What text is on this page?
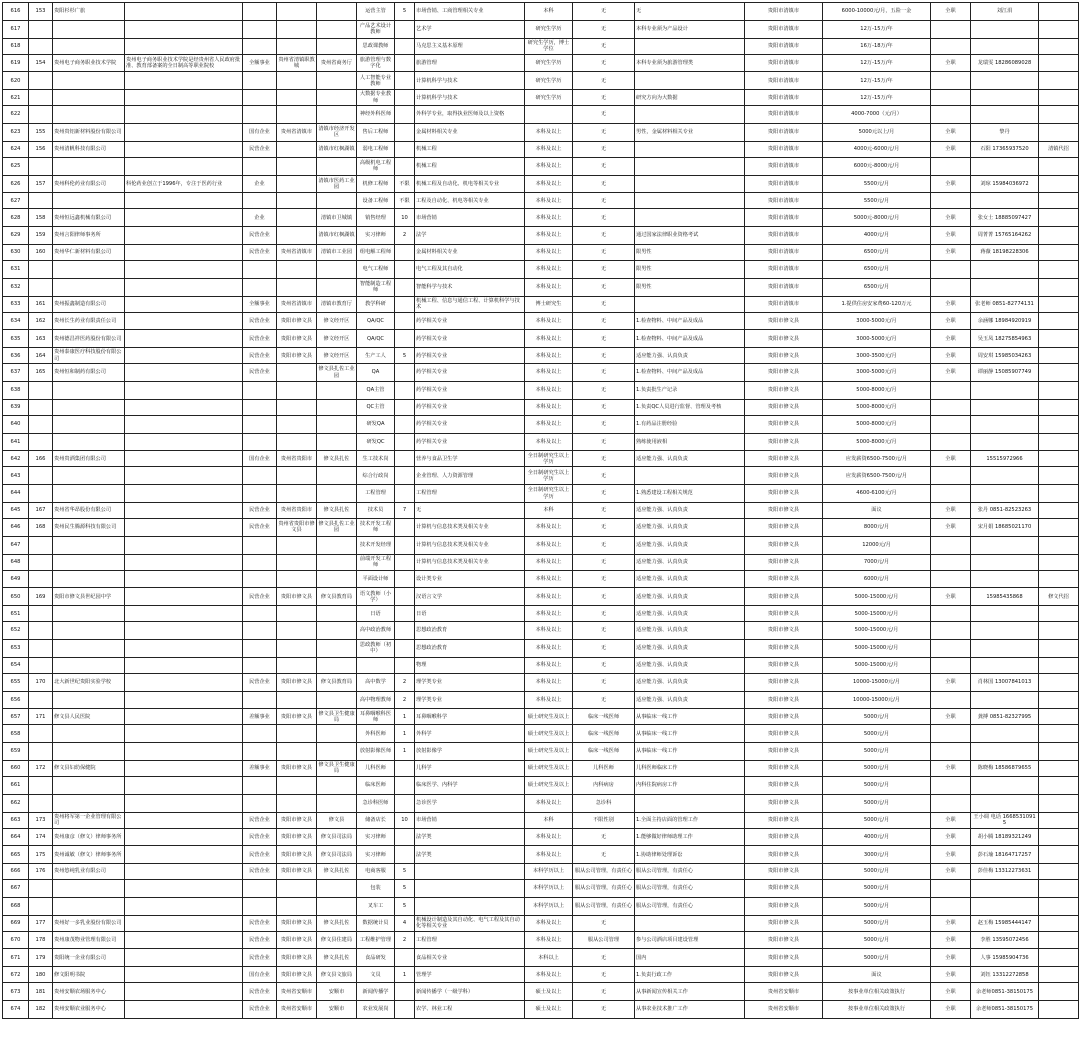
616	153	贵阳杉杉广旅					运营主管	5	市场营销、工商管理相关专业	本科	无	无	贵阳市清镇市	6000-10000元/月，五险一金	全职	刘江涓	
617							产品艺术设计教师		艺术学	研究生学历	无	本科专业须为产品设计	贵阳市清镇市	12万-15万/年			
618							思政课教师		马克思主义基本原理	研究生学历，博士学位	无		贵阳市清镇市	16万-18万/年			
619	154	贵州电子商务职业技术学院	贵州电子商务职业技术学院是经贵州省人民政府批准、教育部备案的全日制高等职业院校	全额事业	贵州省清镇职教城	贵州省商务厅	旅游管理与数字化		旅游管理	研究生学历	无	本科专业须为旅游管理类	贵阳市清镇市	12万-15万/年	全职	龙瑞雯 18286089028	
620							人工智能专业教师		计算机科学与技术	研究生学历	无		贵阳市清镇市	12万-15万/年			
621							大数据专业教师		计算机科学与技术	研究生学历	无	研究方向为大数据	贵阳市清镇市	12万-15万/年			
622							神经外科医师		外科学专业，取得执业医师及以上资格		无		贵阳市清镇市	4000-7000（元/月）			
623	155	贵州贵铝新材料股份有限公司		国有企业	贵州省清镇市	清镇市经济开发区	售后工程师		金属材料相关专业	本科及以上	无	男性，金属材料相关专业	贵阳市清镇市	5000元以上/月	全职	黎丹	
624	156	贵州清帆科技有限公司		民营企业		清镇市红枫湖镇	弱电工程师		机械工程	本科及以上	无		贵阳市清镇市	4000元-6000元/月	全职	石阳 17365937520	清镇代招
625							高级机电工程师		机械工程	本科及以上	无		贵阳市清镇市	6000元-8000元/月			
626	157	贵州科伦药业有限公司	科伦药业创立于1996年，专注于医药行业	企业		清镇市医药工业园	机修工程师	不限	机械工程及自动化、机电等相关专业	本科及以上	无		贵阳市清镇市	5500元/月	全职	刘琼 15984036972	
627							设备工程师	不限	工程及自动化、机电等相关专业	本科及以上	无		贵阳市清镇市	5500元/月			
628	158	贵州恒远鑫机械有限公司		企业		清镇市卫城镇	销售经理	10	市场营销	本科及以上	无		贵阳市清镇市	5000元-8000元/月	全职	张女士 18885097427	
629	159	贵州言阳律师事务所		民营企业		清镇市红枫湖镇	实习律师	2	法学	本科及以上	无	通过国家法律职业资格考试	贵阳市清镇市	4000元/月	全职	周菁菁 15765164262	
630	160	贵州华仁新材料有限公司		民营企业	贵州省清镇市	清镇市工业园	组电解工程师		金属材料相关专业	本科及以上	无	限男性	贵阳市清镇市	6500元/月	全职	蒋薇 18198228306	
631							电气工程师		电气工程及其自动化	本科及以上	无	限男性	贵阳市清镇市	6500元/月			
632							智能制造工程师		智能科学与技术	本科及以上	无	限男性	贵阳市清镇市	6500元/月			
633	161	贵州振鑫制造有限公司		全额事业	贵州省清镇市	清镇市教育厅	教学科研		机械工程、信息与通信工程、计算机科学与技术	博士研究生	无		贵阳市清镇市	1.提供住房安家费60-120万元	全职	张老师 0851-82774131	
634	162	贵州长生药业有限责任公司		民营企业	贵阳市修文县	修文经开区	QA/QC		药学相关专业	本科及以上	无	1.检查物料、中间产品及成品	贵阳市修文县	3000-5000元/月	全职	余涵娜 18984920919	
635	163	贵州德昌祥医药股份有限公司		民营企业	贵阳市修文县	修文经开区	QA/QC		药学相关专业	本科及以上	无	1.检查物料、中间产品及成品	贵阳市修文县	3000-5000元/月	全职	吴玉凤 18275854963	
636	164	贵州泰康医疗科技股份有限公司		民营企业	贵阳市修文县	修文经开区	生产工人	5	药学相关专业	本科及以上	无	适应能力强、认真负责	贵阳市修文县	3000-3500元/月	全职	周安琪 15985034263	
637	165	贵州恒和制药有限公司		民营企业		修文县扎佐工业园	QA		药学相关专业	本科及以上	无	1.检查物料、中间产品及成品	贵阳市修文县	3000-5000元/月	全职	谭丽静 15085907749	
638							QA主管		药学相关专业	本科及以上	无	1.负责批生产记录	贵阳市修文县	5000-8000元/月			
639							QC主管		药学相关专业	本科及以上	无	1.负责QC人员进行监督、管理及考核	贵阳市修文县	5000-8000元/月			
640							研发QA		药学相关专业	本科及以上	无	1.有药品注册经验	贵阳市修文县	5000-8000元/月			
641							研发QC		药学相关专业	本科及以上	无	熟练使用液相	贵阳市修文县	5000-8000元/月			
642	166	贵州贵酒集团有限公司		国有企业	贵州省贵阳市	修文县扎佐	生工技术岗		营养与食品卫生学	全日制研究生以上学历	无	适应能力强、认真负责	贵阳市修文县	应发薪资6500-7500元/月	全职	15515972966	
643							综合行政岗		企业管理、人力资源管理	全日制研究生以上学历	无		贵阳市修文县	应发薪资6500-7500元/月			
644							工程管理		工程管理	全日制研究生以上学历	无	1.熟悉建设工程相关规范	贵阳市修文县	4600-6100元/月			
645	167	贵州省华昂股份有限公司		民营企业	贵州省贵阳市	修文县扎佐	技术员	7	无	本科	无	适应能力强、认真负责	贵阳市修文县	面议	全职	张丹 0851-82523263	
646	168	贵州民生腾源科技有限公司		民营企业	贵州省贵阳市修文县	修文县扎佐工业园	技术开发工程师		计算机与信息技术类及相关专业	本科及以上	无	适应能力强、认真负责	贵阳市修文县	8000元/月	全职	宋月娟 18685021170	
647							技术开发经理		计算机与信息技术类及相关专业	本科及以上	无	适应能力强、认真负责	贵阳市修文县	12000元/月			
648							前端开发工程师		计算机与信息技术类及相关专业	本科及以上	无	适应能力强、认真负责	贵阳市修文县	7000元/月			
649							平面设计师		设计类专业	本科及以上	无	适应能力强、认真负责	贵阳市修文县	6000元/月			
650	169	贵阳市修文县世纪园中学		民营企业	贵阳市修文县	修文县教育局	语文教师（小学）		汉语言文学	本科及以上	无	适应能力强、认真负责	贵阳市修文县	5000-15000元/月	全职	15985435868	修文代招
651							日语		日语	本科及以上	无	适应能力强、认真负责	贵阳市修文县	5000-15000元/月			
652							高中政治教师		思想政治教育	本科及以上	无	适应能力强、认真负责	贵阳市修文县	5000-15000元/月			
653							思政教师（初中）		思想政治教育	本科及以上	无	适应能力强、认真负责	贵阳市修文县	5000-15000元/月			
654									物理	本科及以上	无	适应能力强、认真负责	贵阳市修文县	5000-15000元/月			
655	170	北大新世纪贵阳实验学校		民营企业	贵阳市修文县	修文县教育局	高中数学	2	理学类专业	本科及以上	无	适应能力强、认真负责	贵阳市修文县	10000-15000元/月	全职	肖林国 13007841013	
656							高中物理教师	2	理学类专业	本科及以上	无	适应能力强、认真负责	贵阳市修文县	10000-15000元/月			
657	171	修文县人民医院		差额事业	贵阳市修文县	修文县卫生健康局	耳鼻咽喉科医师	1	耳鼻咽喉科学	硕士研究生及以上	临床一线医师	从事临床一线工作	贵阳市修文县	5000元/月	全职	龚搏 0851-82327995	
658							外科医师	1	外科学	硕士研究生及以上	临床一线医师	从事临床一线工作	贵阳市修文县	5000元/月			
659							放射影像医师	1	放射影像学	硕士研究生及以上	临床一线医师	从事临床一线工作	贵阳市修文县	5000元/月			
660	172	修文县妇幼保健院		差额事业	贵阳市修文县	修文县卫生健康局	儿科医师		儿科学	硕士研究生及以上	儿科医师	儿科医师临床工作	贵阳市修文县	5000元/月	全职	陈晓梅 18586879655	
661							临床医师		临床医学、内科学	硕士研究生及以上	内科病房	内科住院病房工作	贵阳市修文县	5000元/月			
662							急诊科医师		急诊医学	本科及以上	急诊科		贵阳市修文县	5000元/月			
663	173	贵州将军第一企业管理有限公司		民营企业	贵阳市修文县	修文县	储备店长	10	市场营销	本科	不限性别	1.全面主持店面的管理工作	贵阳市修文县	5000元/月	全职	王小调 电话 16685310915	
664	174	贵州康彦（修文）律师事务所		民营企业	贵阳市修文县	修文县司法局	实习律师		法学类	本科及以上	无	1.能够做好律师助理工作	贵阳市修文县	4000元/月	全职	胡小腾 18189321249	
665	175	贵州诚敏（修文）律师事务所		民营企业	贵阳市修文县	修文县司法局	实习律师		法学类	本科及以上	无	1.协助律师处理诉讼	贵阳市修文县	3000元/月	全职	彭石瑜 18164717257	
666	176	贵州悠纯乳业有限公司		民营企业	贵阳市修文县	修文县扎佐	电商客服	5		本科学历以上	服从公司管理，有责任心	服从公司管理，有责任心	贵阳市修文县	5000元/月	全职	彭佳梅 13312273631	
667							包装	5		本科学历以上	服从公司管理，有责任心	服从公司管理，有责任心	贵阳市修文县	5000元/月			
668							叉车工	5		本科学历以上	服从公司管理，有责任心	服从公司管理，有责任心	贵阳市修文县	5000元/月			
669	177	贵州好一多乳业股份有限公司		民营企业	贵阳市修文县	修文县扎佐	数据统计员	4	机械设计制造及其自动化、电气工程及其自动化等相关专业	本科及以上	无		贵阳市修文县	5000元/月	全职	赵玉梅 15985444147	
670	178	贵州康茂物业管理有限公司		民营企业	贵阳市修文县	修文县住建局	工程维护管理	2	工程管理	本科及以上	服从公司管理	参与公司酒店项目建设管理	贵阳市修文县	5000元/月	全职	李胜 13595072456	
671	179	贵阳统一企业有限公司		民营企业	贵阳市修文县	修文县扎佐	食品研发		食品相关专业	本科以上	无	国内	贵阳市修文县	5000元/月	全职	人事 15985904736	
672	180	修文阳明书院		国有企业	贵阳市修文县	修文县文旅局	文员	1	管理学	本科及以上	无	1.负责行政工作	贵阳市修文县	面议	全职	刘钰 13312272858	
673	181	贵州安顺农场服务中心		民营企业	贵州省安顺市	安顺市	新闻传播学		新闻传播学（一级学科）	硕士及以上	无	从事新闻宣传相关工作	贵州省安顺市	按事业单位相关政策执行	全职	余老师0851-38150175	
674	182	贵州安顺农业服务中心		民营企业	贵州省安顺市	安顺市	农业发展岗		农学、林业工程	硕士及以上	无	从事农业技术推广工作	贵州省安顺市	按事业单位相关政策执行	全职	余老师0851-38150175	
